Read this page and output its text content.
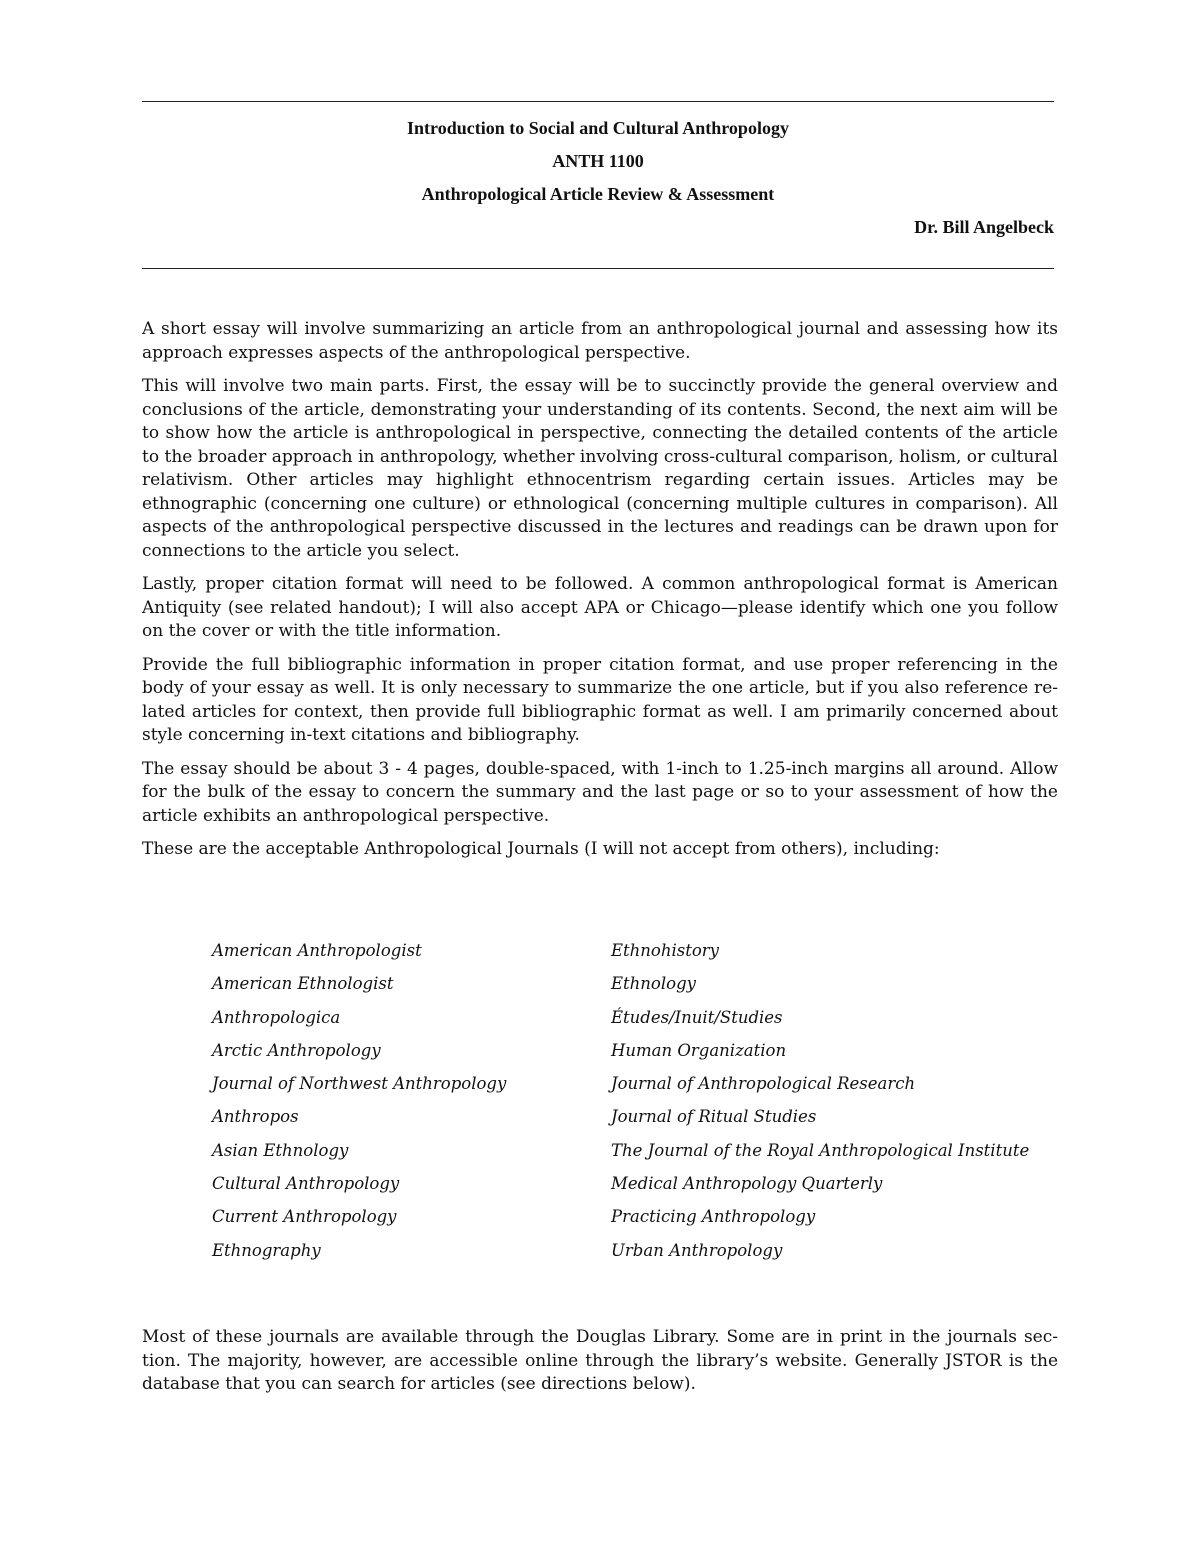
Introduction to Social and Cultural Anthropology
ANTH 1100
Anthropological Article Review & Assessment
Dr. Bill Angelbeck

A short essay will involve summarizing an article from an anthropological journal and assessing how its approach expresses aspects of the anthropological perspective.

This will involve two main parts. First, the essay will be to succinctly provide the general overview and conclusions of the article, demonstrating your understanding of its contents. Second, the next aim will be to show how the article is anthropological in perspective, connecting the detailed contents of the article to the broader approach in anthropology, whether involving cross-cultural comparison, holism, or cultural relativism. Other articles may highlight ethnocentrism regarding certain issues. Articles may be ethnographic (concerning one culture) or ethnological (concerning multiple cultures in comparison). All aspects of the anthropological perspective discussed in the lectures and readings can be drawn upon for connections to the article you select.

Lastly, proper citation format will need to be followed. A common anthropological format is American Antiquity (see related handout); I will also accept APA or Chicago—please identify which one you follow on the cover or with the title information.

Provide the full bibliographic information in proper citation format, and use proper referencing in the body of your essay as well. It is only necessary to summarize the one article, but if you also reference related articles for context, then provide full bibliographic format as well. I am primarily concerned about style concerning in-text citations and bibliography.

The essay should be about 3 - 4 pages, double-spaced, with 1-inch to 1.25-inch margins all around. Allow for the bulk of the essay to concern the summary and the last page or so to your assessment of how the article exhibits an anthropological perspective.

These are the acceptable Anthropological Journals (I will not accept from others), including:

American Anthropologist	Ethnohistory
American Ethnologist	Ethnology
Anthropologica	Études/Inuit/Studies
Arctic Anthropology	Human Organization
Journal of Northwest Anthropology	Journal of Anthropological Research
Anthropos	Journal of Ritual Studies
Asian Ethnology	The Journal of the Royal Anthropological Institute
Cultural Anthropology	Medical Anthropology Quarterly
Current Anthropology	Practicing Anthropology
Ethnography	Urban Anthropology

Most of these journals are available through the Douglas Library. Some are in print in the journals section. The majority, however, are accessible online through the library’s website. Generally JSTOR is the database that you can search for articles (see directions below).
